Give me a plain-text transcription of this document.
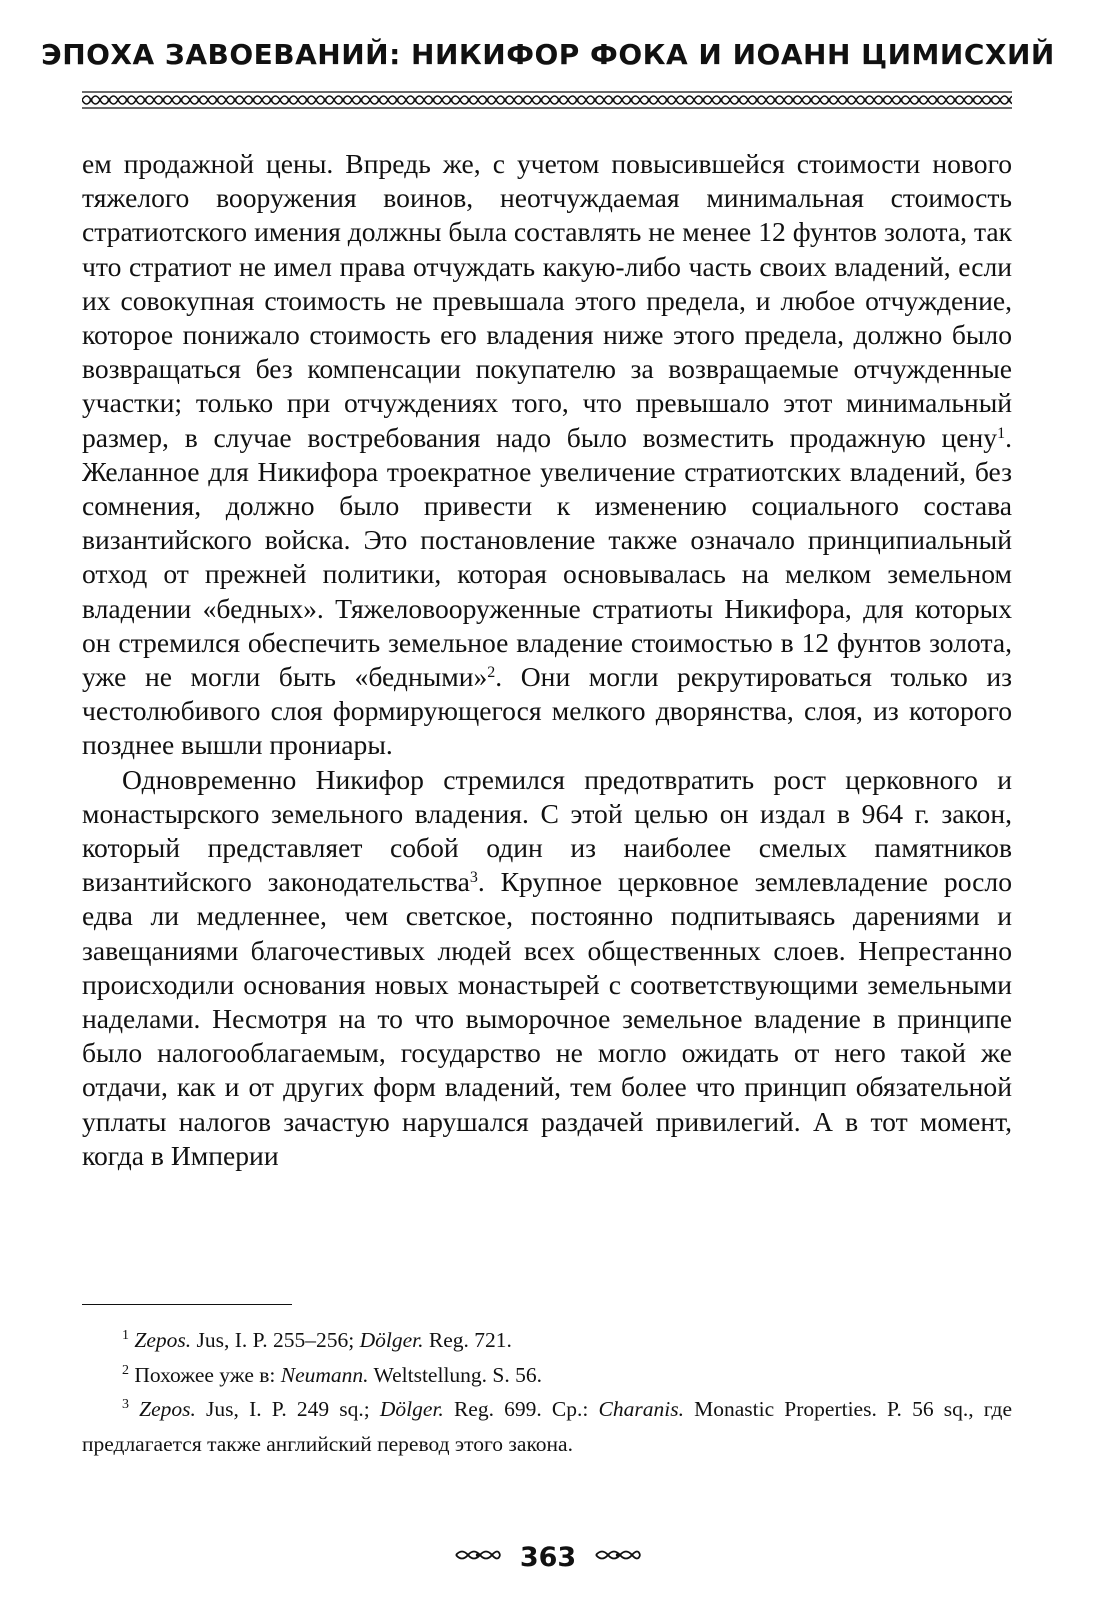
ЭПОХА ЗАВОЕВАНИЙ: НИКИФОР ФОКА И ИОАНН ЦИМИСХИЙ

ем продажной цены. Впредь же, с учетом повысившейся стоимости нового тяжелого вооружения воинов, неотчуждаемая минимальная стоимость стратиотского имения должны была составлять не менее 12 фунтов золота, так что стратиот не имел права отчуждать какую-либо часть своих владений, если их совокупная стоимость не превышала этого предела, и любое отчуждение, которое понижало стоимость его владения ниже этого предела, должно было возвращаться без компенсации покупателю за возвращаемые отчужденные участки; только при отчуждениях того, что превышало этот минимальный размер, в случае востребования надо было возместить продажную цену$^1$. Желанное для Никифора троекратное увеличение стратиотских владений, без сомнения, должно было привести к изменению социального состава византийского войска. Это постановление также означало принципиальный отход от прежней политики, которая основывалась на мелком земельном владении «бедных». Тяжеловооруженные стратиоты Никифора, для которых он стремился обеспечить земельное владение стоимостью в 12 фунтов золота, уже не могли быть «бедными»$^2$. Они могли рекрутироваться только из честолюбивого слоя формирующегося мелкого дворянства, слоя, из которого позднее вышли прониары.

Одновременно Никифор стремился предотвратить рост церковного и монастырского земельного владения. С этой целью он издал в 964 г. закон, который представляет собой один из наиболее смелых памятников византийского законодательства$^3$. Крупное церковное землевладение росло едва ли медленнее, чем светское, постоянно подпитываясь дарениями и завещаниями благочестивых людей всех общественных слоев. Непрестанно происходили основания новых монастырей с соответствующими земельными наделами. Несмотря на то что выморочное земельное владение в принципе было налогооблагаемым, государство не могло ожидать от него такой же отдачи, как и от других форм владений, тем более что принцип обязательной уплаты налогов зачастую нарушался раздачей привилегий. А в тот момент, когда в Империи

$^1$ Zepos. Jus, I. P. 255–256; Dölger. Reg. 721.

$^2$ Похожее уже в: Neumann. Weltstellung. S. 56.

$^3$ Zepos. Jus, I. P. 249 sq.; Dölger. Reg. 699. Ср.: Charanis. Monastic Properties. P. 56 sq., где предлагается также английский перевод этого закона.

363
